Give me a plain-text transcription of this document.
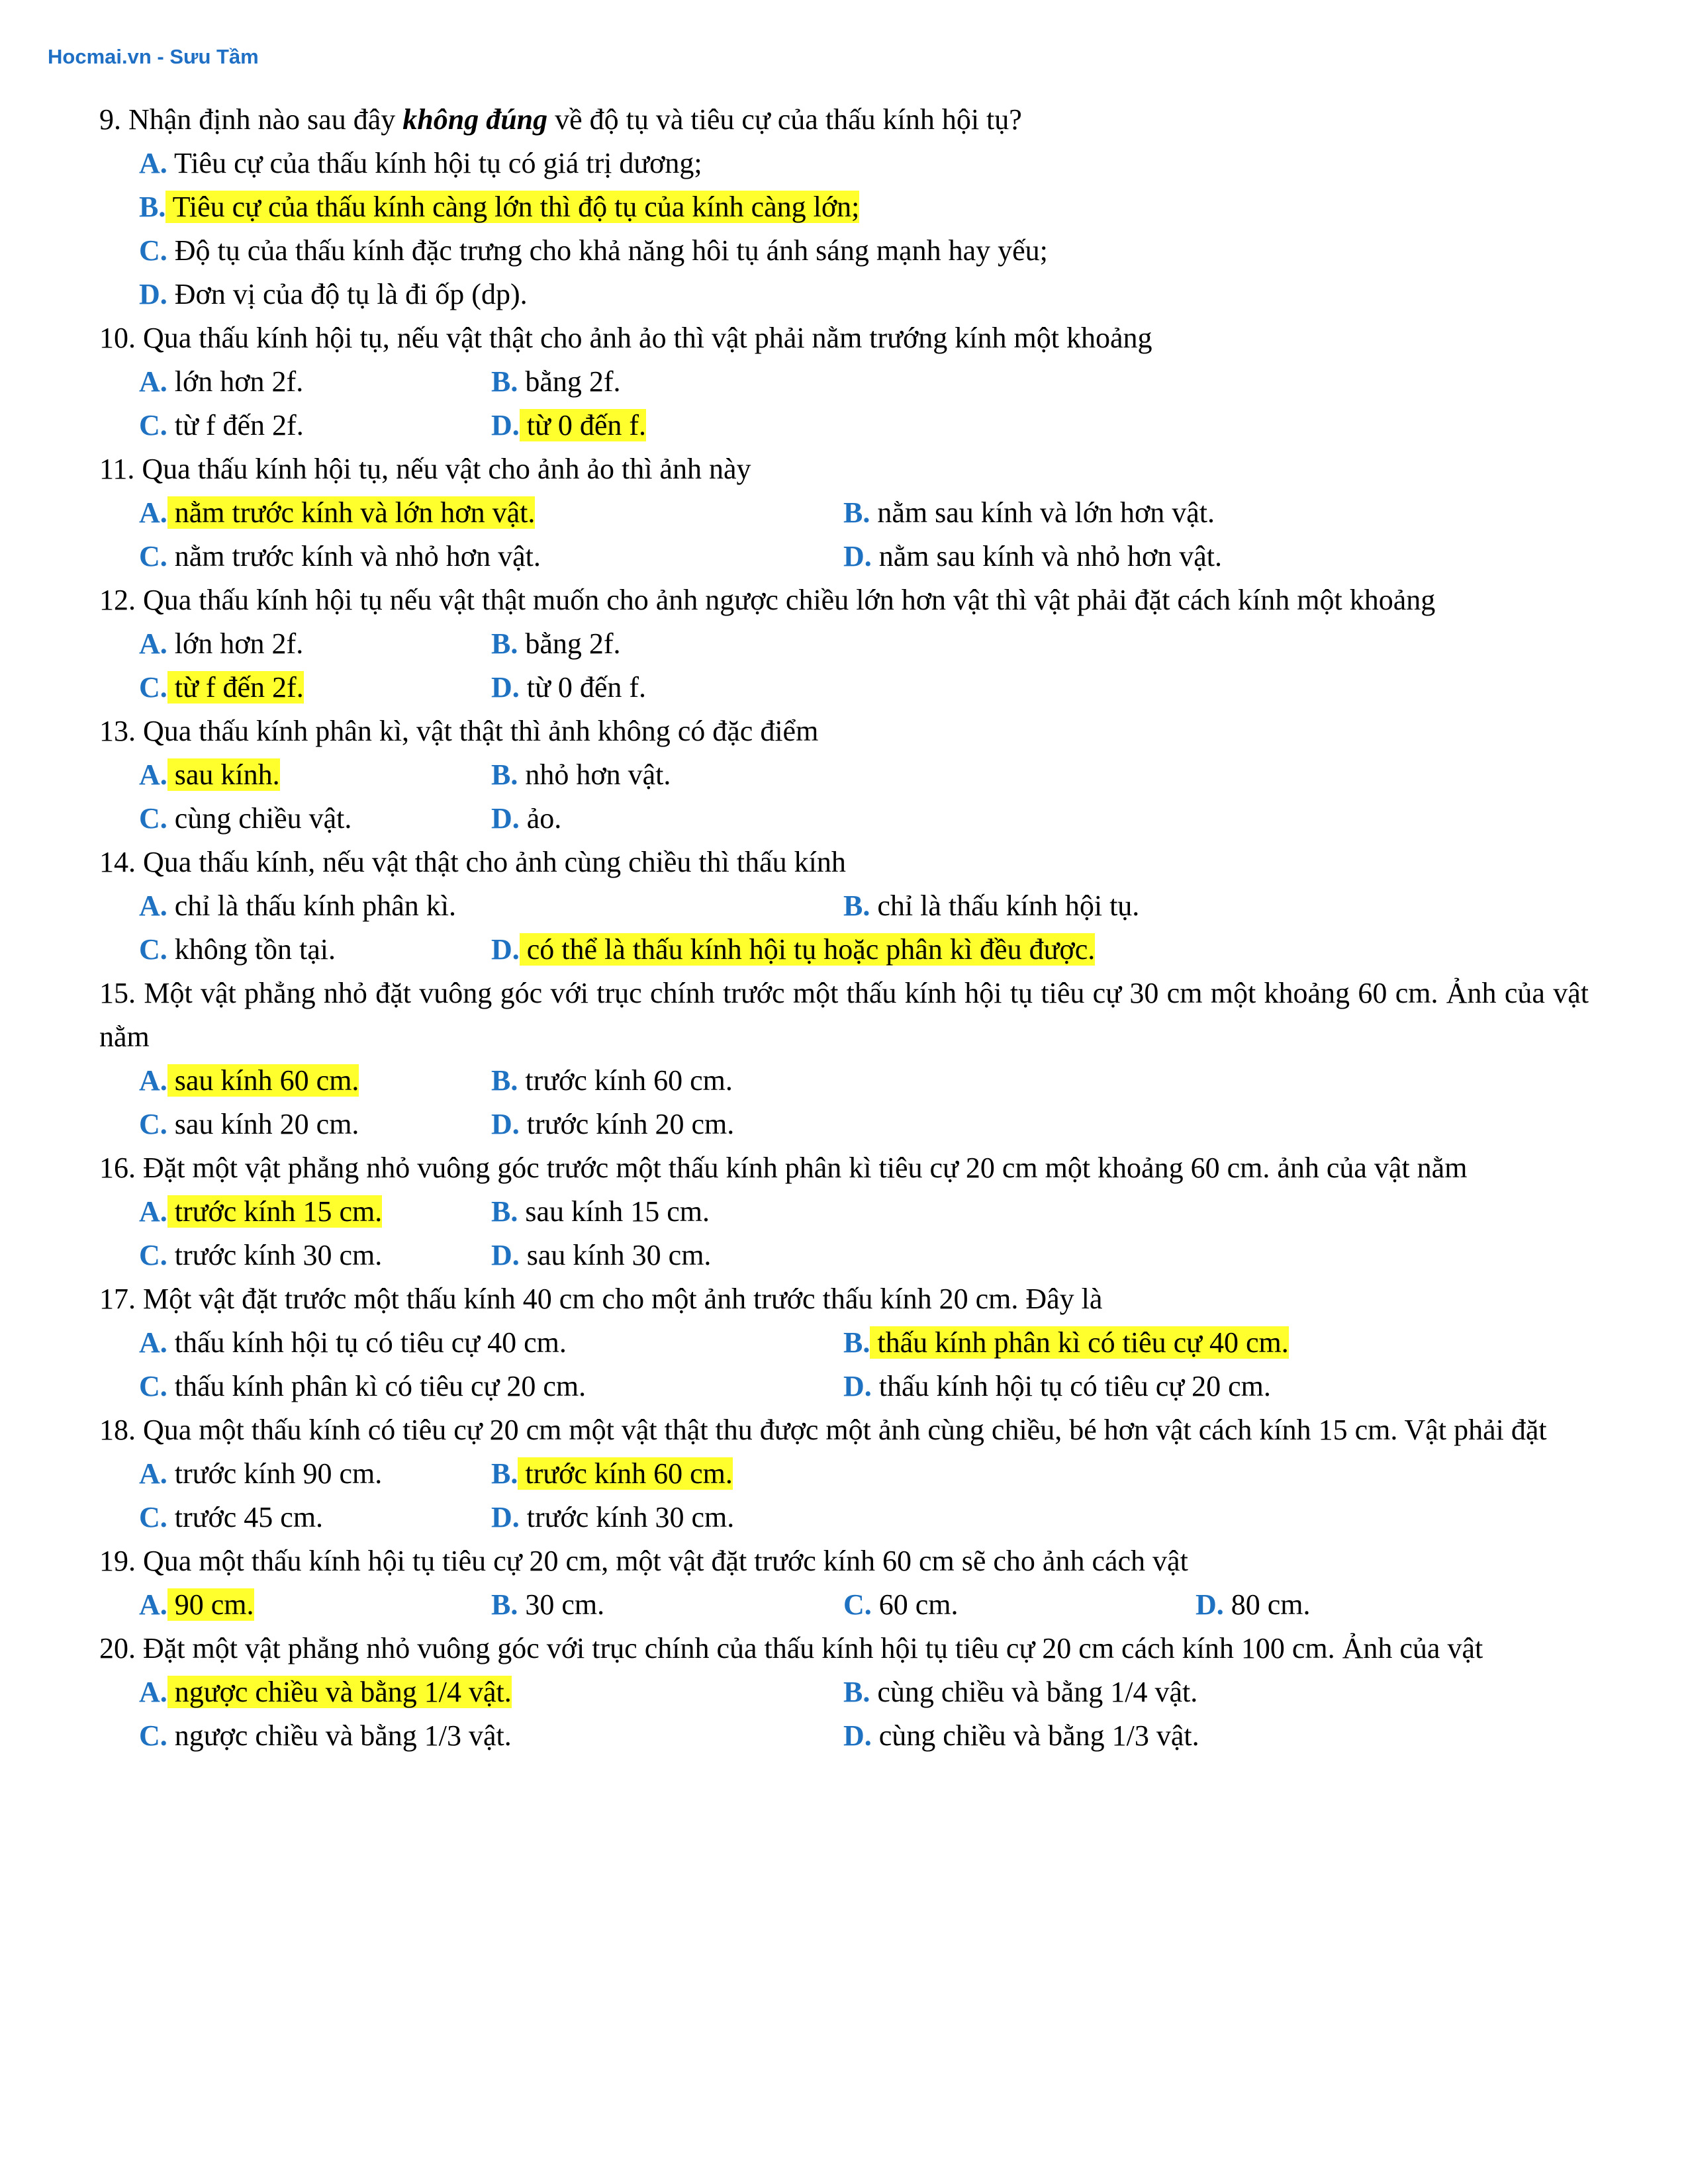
Hocmai.vn - Sưu Tầm

9. Nhận định nào sau đây không đúng về độ tụ và tiêu cự của thấu kính hội tụ?

A. Tiêu cự của thấu kính hội tụ có giá trị dương;
B. Tiêu cự của thấu kính càng lớn thì độ tụ của kính càng lớn;
C. Độ tụ của thấu kính đặc trưng cho khả năng hôi tụ ánh sáng mạnh hay yếu;
D. Đơn vị của độ tụ là đi ốp (dp).

10. Qua thấu kính hội tụ, nếu vật thật cho ảnh ảo thì vật phải nằm trướng kính một khoảng

A. lớn hơn 2f.	B. bằng 2f.
C. từ f đến 2f.	D. từ 0 đến f.

11. Qua thấu kính hội tụ, nếu vật cho ảnh ảo thì ảnh này

A. nằm trước kính và lớn hơn vật.	B. nằm sau kính và lớn hơn vật.
C. nằm trước kính và nhỏ hơn vật.	D. nằm sau kính và nhỏ hơn vật.

12. Qua thấu kính hội tụ nếu vật thật muốn cho ảnh ngược chiều lớn hơn vật thì vật phải đặt cách kính một khoảng

A. lớn hơn 2f.	B. bằng 2f.
C. từ f đến 2f.	D. từ 0 đến f.

13. Qua thấu kính phân kì, vật thật thì ảnh không có đặc điểm

A. sau kính.	B. nhỏ hơn vật.
C. cùng chiều vật.	D. ảo.

14. Qua thấu kính, nếu vật thật cho ảnh cùng chiều thì thấu kính

A. chỉ là thấu kính phân kì.	B. chỉ là thấu kính hội tụ.
C. không tồn tại.	D. có thể là thấu kính hội tụ hoặc phân kì đều được.

15. Một vật phẳng nhỏ đặt vuông góc với trục chính trước một thấu kính hội tụ tiêu cự 30 cm một khoảng 60 cm. Ảnh của vật nằm

A. sau kính 60 cm.	B. trước kính 60 cm.
C. sau kính 20 cm.	D. trước kính 20 cm.

16. Đặt một vật phẳng nhỏ vuông góc trước một thấu kính phân kì tiêu cự 20 cm một khoảng 60 cm. ảnh của vật nằm

A. trước kính 15 cm.	B. sau kính 15 cm.
C. trước kính 30 cm.	D. sau kính 30 cm.

17. Một vật đặt trước một thấu kính 40 cm cho một ảnh trước thấu kính 20 cm. Đây là

A. thấu kính hội tụ có tiêu cự 40 cm.	B. thấu kính phân kì có tiêu cự 40 cm.
C. thấu kính phân kì có tiêu cự 20 cm.	D. thấu kính hội tụ có tiêu cự 20 cm.

18. Qua một thấu kính có tiêu cự 20 cm một vật thật thu được một ảnh cùng chiều, bé hơn vật cách kính 15 cm. Vật phải đặt

A. trước kính 90 cm.	B. trước kính 60 cm.
C. trước 45 cm.	D. trước kính 30 cm.

19. Qua một thấu kính hội tụ tiêu cự 20 cm, một vật đặt trước kính 60 cm sẽ cho ảnh cách vật

A. 90 cm.	B. 30 cm.	C. 60 cm.	D. 80 cm.

20. Đặt một vật phẳng nhỏ vuông góc với trục chính của thấu kính hội tụ tiêu cự 20 cm cách kính 100 cm. Ảnh của vật

A. ngược chiều và bằng 1/4 vật.	B. cùng chiều và bằng 1/4 vật.
C. ngược chiều và bằng 1/3 vật.	D. cùng chiều và bằng 1/3 vật.
